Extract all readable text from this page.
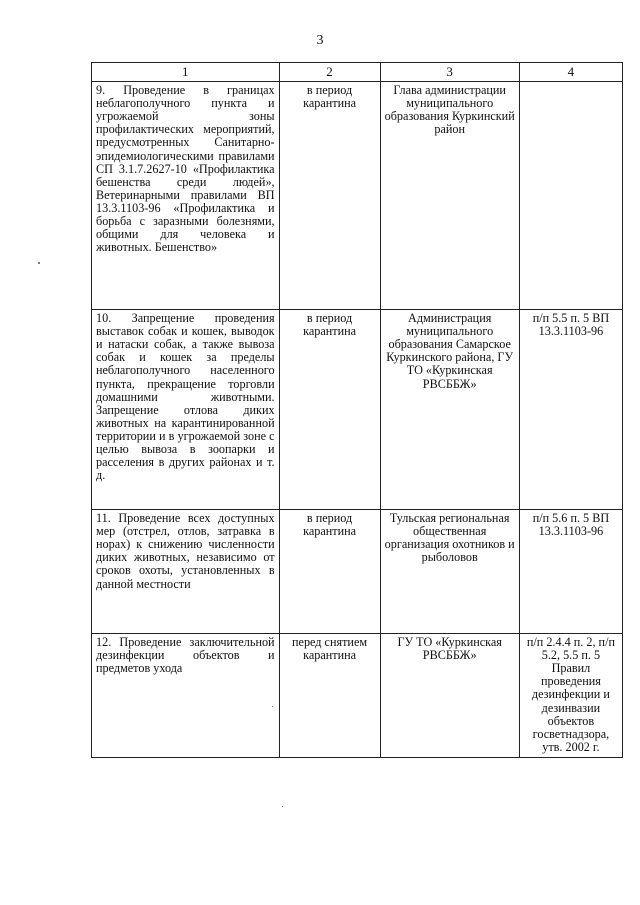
3
1	2	3	4
9. Проведение в границах неблагополучного пункта и угрожаемой зоны профилактических мероприятий, предусмотренных Санитарно-эпидемиологическими правилами СП 3.1.7.2627-10 «Профилактика бешенства среди людей», Ветеринарными правилами ВП 13.3.1103-96 «Профилактика и борьба с заразными болезнями, общими для человека и животных. Бешенство»	в период карантина	Глава администрации муниципального образования Куркинский район	
10. Запрещение проведения выставок собак и кошек, выводок и натаски собак, а также вывоза собак и кошек за пределы неблагополучного населенного пункта, прекращение торговли домашними животными. Запрещение отлова диких животных на карантинированной территории и в угрожаемой зоне с целью вывоза в зоопарки и расселения в других районах и т. д.	в период карантина	Администрация муниципального образования Самарское Куркинского района, ГУ ТО «Куркинская РВСББЖ»	п/п 5.5 п. 5 ВП 13.3.1103-96
11. Проведение всех доступных мер (отстрел, отлов, затравка в норах) к снижению численности диких животных, независимо от сроков охоты, установленных в данной местности	в период карантина	Тульская региональная общественная организация охотников и рыболовов	п/п 5.6 п. 5 ВП 13.3.1103-96
12. Проведение заключительной дезинфекции объектов и предметов ухода	перед снятием карантина	ГУ ТО «Куркинская РВСББЖ»	п/п 2.4.4 п. 2, п/п 5.2, 5.5 п. 5 Правил проведения дезинфекции и дезинвазии объектов госветнадзора, утв. 2002 г.
